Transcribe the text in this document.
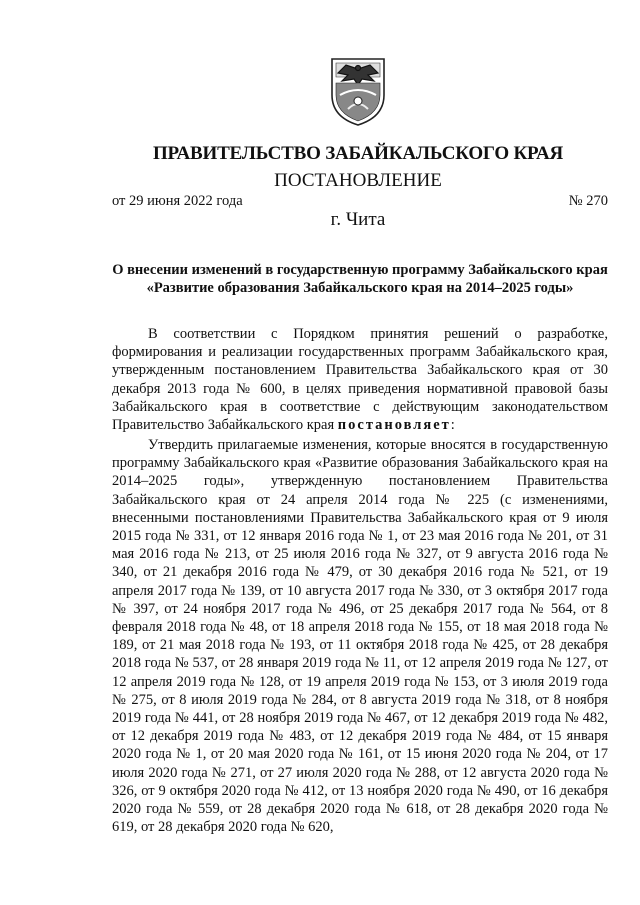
ПРАВИТЕЛЬСТВО ЗАБАЙКАЛЬСКОГО КРАЯ
ПОСТАНОВЛЕНИЕ
от 29 июня 2022 года	№ 270
г. Чита
О внесении изменений в государственную программу Забайкальского края «Развитие образования Забайкальского края на 2014–2025 годы»

В соответствии с Порядком принятия решений о разработке, формирования и реализации государственных программ Забайкальского края, утвержденным постановлением Правительства Забайкальского края от 30 декабря 2013 года № 600, в целях приведения нормативной правовой базы Забайкальского края в соответствие с действующим законодательством Правительство Забайкальского края постановляет:

Утвердить прилагаемые изменения, которые вносятся в государственную программу Забайкальского края «Развитие образования Забайкальского края на 2014–2025 годы», утвержденную постановлением Правительства Забайкальского края от 24 апреля 2014 года № 225 (с изменениями, внесенными постановлениями Правительства Забайкальского края от 9 июля 2015 года № 331, от 12 января 2016 года № 1, от 23 мая 2016 года № 201, от 31 мая 2016 года № 213, от 25 июля 2016 года № 327, от 9 августа 2016 года № 340, от 21 декабря 2016 года № 479, от 30 декабря 2016 года № 521, от 19 апреля 2017 года № 139, от 10 августа 2017 года № 330, от 3 октября 2017 года № 397, от 24 ноября 2017 года № 496, от 25 декабря 2017 года № 564, от 8 февраля 2018 года № 48, от 18 апреля 2018 года № 155, от 18 мая 2018 года № 189, от 21 мая 2018 года № 193, от 11 октября 2018 года № 425, от 28 декабря 2018 года № 537, от 28 января 2019 года № 11, от 12 апреля 2019 года № 127, от 12 апреля 2019 года № 128, от 19 апреля 2019 года № 153, от 3 июля 2019 года № 275, от 8 июля 2019 года № 284, от 8 августа 2019 года № 318, от 8 ноября 2019 года № 441, от 28 ноября 2019 года № 467, от 12 декабря 2019 года № 482, от 12 декабря 2019 года № 483, от 12 декабря 2019 года № 484, от 15 января 2020 года № 1, от 20 мая 2020 года № 161, от 15 июня 2020 года № 204, от 17 июля 2020 года № 271, от 27 июля 2020 года № 288, от 12 августа 2020 года № 326, от 9 октября 2020 года № 412, от 13 ноября 2020 года № 490, от 16 декабря 2020 года № 559, от 28 декабря 2020 года № 618, от 28 декабря 2020 года № 619, от 28 декабря 2020 года № 620,
